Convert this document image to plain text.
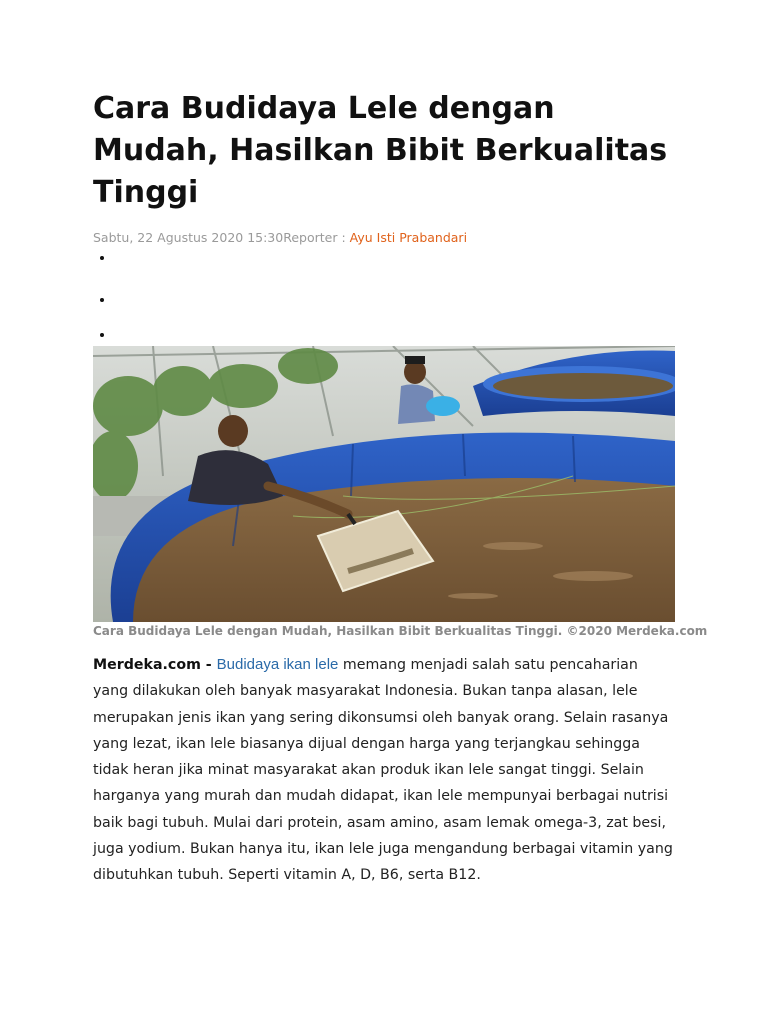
Cara Budidaya Lele dengan Mudah, Hasilkan Bibit Berkualitas Tinggi
Sabtu, 22 Agustus 2020 15:30Reporter : Ayu Isti Prabandari
•
•
•
Cara Budidaya Lele dengan Mudah, Hasilkan Bibit Berkualitas Tinggi. ©2020 Merdeka.com

Merdeka.com - Budidaya ikan lele memang menjadi salah satu pencaharian yang dilakukan oleh banyak masyarakat Indonesia. Bukan tanpa alasan, lele merupakan jenis ikan yang sering dikonsumsi oleh banyak orang. Selain rasanya yang lezat, ikan lele biasanya dijual dengan harga yang terjangkau sehingga tidak heran jika minat masyarakat akan produk ikan lele sangat tinggi. Selain harganya yang murah dan mudah didapat, ikan lele mempunyai berbagai nutrisi baik bagi tubuh. Mulai dari protein, asam amino, asam lemak omega-3, zat besi, juga yodium. Bukan hanya itu, ikan lele juga mengandung berbagai vitamin yang dibutuhkan tubuh. Seperti vitamin A, D, B6, serta B12.
